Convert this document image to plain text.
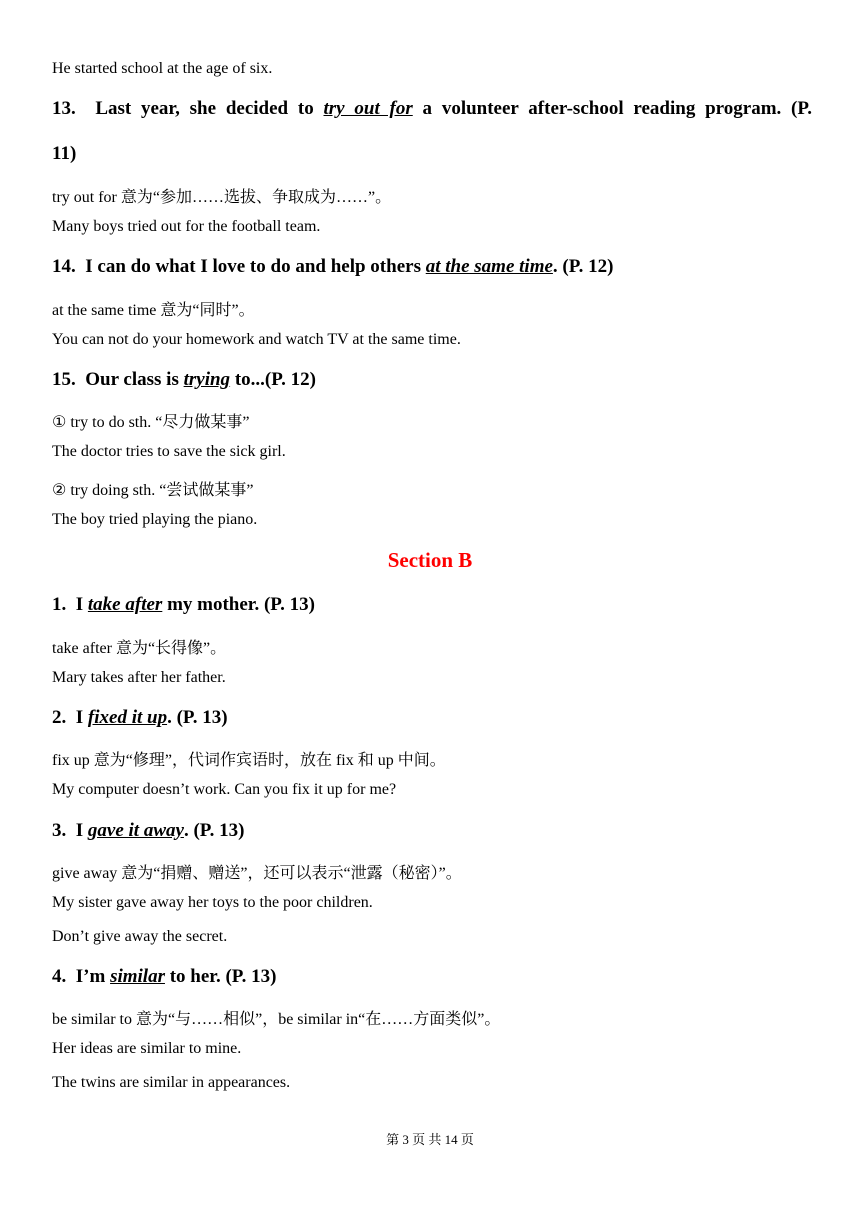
He started school at the age of six.
13. Last year, she decided to try out for a volunteer after-school reading program. (P.
11)
try out for 意为“参加……选拔、争取成为……”。
Many boys tried out for the football team.
14. I can do what I love to do and help others at the same time. (P. 12)
at the same time 意为“同时”。
You can not do your homework and watch TV at the same time.
15. Our class is trying to...(P. 12)
① try to do sth. “尽力做某事”
The doctor tries to save the sick girl.
② try doing sth. “尝试做某事”
The boy tried playing the piano.
Section B
1. I take after my mother. (P. 13)
take after 意为“长得像”。
Mary takes after her father.
2. I fixed it up. (P. 13)
fix up 意为“修理”，代词作宾语时，放在 fix 和 up 中间。
My computer doesn’t work. Can you fix it up for me?
3. I gave it away. (P. 13)
give away 意为“捐赠、赠送”，还可以表示“泄露（秘密）”。
My sister gave away her toys to the poor children.
Don’t give away the secret.
4. I’m similar to her. (P. 13)
be similar to 意为“与……相似”，be similar in“在……方面类似”。
Her ideas are similar to mine.
The twins are similar in appearances.
第 3 页 共 14 页
